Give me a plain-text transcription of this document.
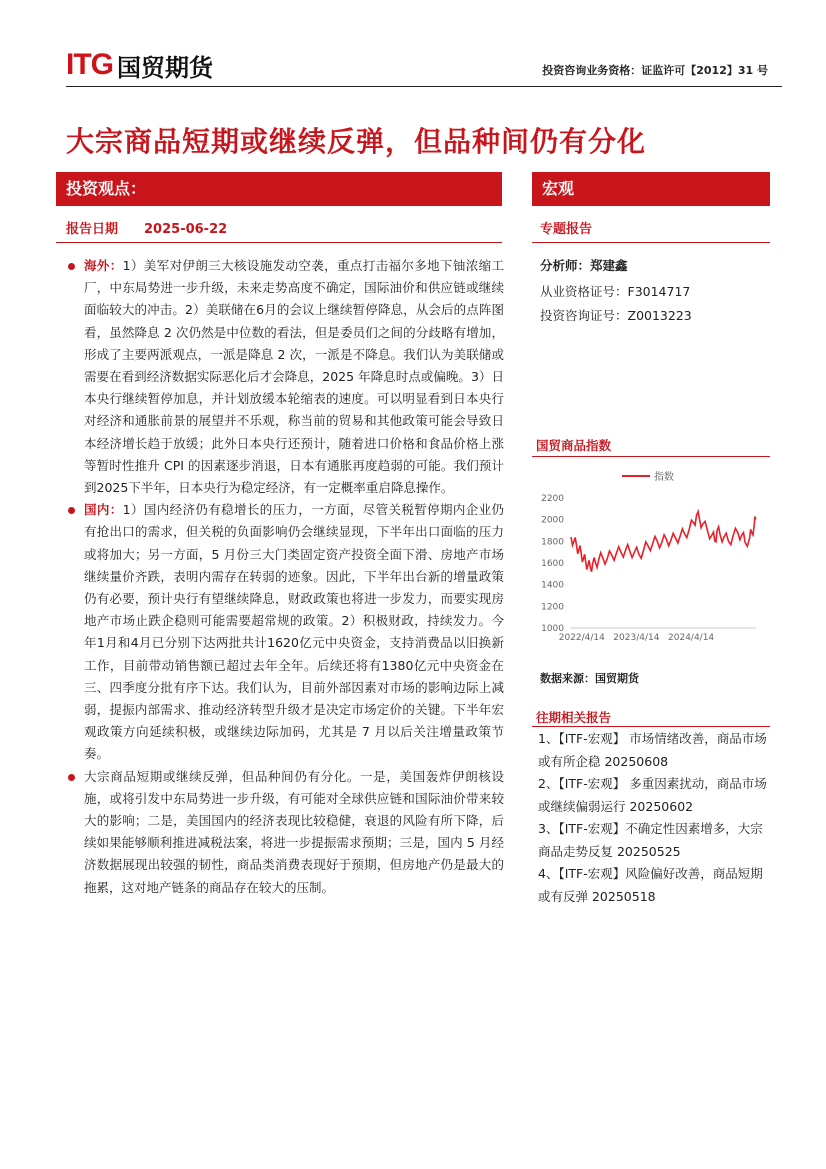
ITG 国贸期货	投资咨询业务资格：证监许可【2012】31 号
大宗商品短期或继续反弹，但品种间仍有分化
投资观点：
报告日期 2025-06-22

海外：1）美军对伊朗三大核设施发动空袭，重点打击福尔多地下铀浓缩工厂，中东局势进一步升级，未来走势高度不确定，国际油价和供应链或继续面临较大的冲击。2）美联储在6月的会议上继续暂停降息，从会后的点阵图看，虽然降息 2 次仍然是中位数的看法，但是委员们之间的分歧略有增加，形成了主要两派观点，一派是降息 2 次，一派是不降息。我们认为美联储或需要在看到经济数据实际恶化后才会降息，2025 年降息时点或偏晚。3）日本央行继续暂停加息，并计划放缓本轮缩表的速度。可以明显看到日本央行对经济和通胀前景的展望并不乐观，称当前的贸易和其他政策可能会导致日本经济增长趋于放缓；此外日本央行还预计，随着进口价格和食品价格上涨等暂时性推升 CPI 的因素逐步消退，日本有通胀再度趋弱的可能。我们预计到2025下半年，日本央行为稳定经济，有一定概率重启降息操作。

国内：1）国内经济仍有稳增长的压力，一方面，尽管关税暂停期内企业仍有抢出口的需求，但关税的负面影响仍会继续显现，下半年出口面临的压力或将加大；另一方面，5 月份三大门类固定资产投资全面下滑、房地产市场继续量价齐跌，表明内需存在转弱的迹象。因此，下半年出台新的增量政策仍有必要，预计央行有望继续降息，财政政策也将进一步发力，而要实现房地产市场止跌企稳则可能需要超常规的政策。2）积极财政，持续发力。今年1月和4月已分别下达两批共计1620亿元中央资金，支持消费品以旧换新工作，目前带动销售额已超过去年全年。后续还将有1380亿元中央资金在三、四季度分批有序下达。我们认为，目前外部因素对市场的影响边际上减弱，提振内部需求、推动经济转型升级才是决定市场定价的关键。下半年宏观政策方向延续积极，或继续边际加码，尤其是 7 月以后关注增量政策节奏。

大宗商品短期或继续反弹，但品种间仍有分化。一是，美国轰炸伊朗核设施，或将引发中东局势进一步升级，有可能对全球供应链和国际油价带来较大的影响；二是，美国国内的经济表现比较稳健，衰退的风险有所下降，后续如果能够顺利推进减税法案，将进一步提振需求预期；三是，国内 5 月经济数据展现出较强的韧性，商品类消费表现好于预期，但房地产仍是最大的拖累，这对地产链条的商品存在较大的压制。

宏观
专题报告
分析师：郑建鑫
从业资格证号：F3014717
投资咨询证号：Z0013223
国贸商品指数
指数
1000
1200
1400
1600
1800
2000
2200
2022/4/14 2023/4/14 2024/4/14
数据来源：国贸期货
往期相关报告
1、【ITF-宏观】 市场情绪改善，商品市场或有所企稳 20250608
2、【ITF-宏观】 多重因素扰动，商品市场或继续偏弱运行 20250602
3、【ITF-宏观】不确定性因素增多，大宗商品走势反复 20250525
4、【ITF-宏观】风险偏好改善，商品短期或有反弹 20250518
